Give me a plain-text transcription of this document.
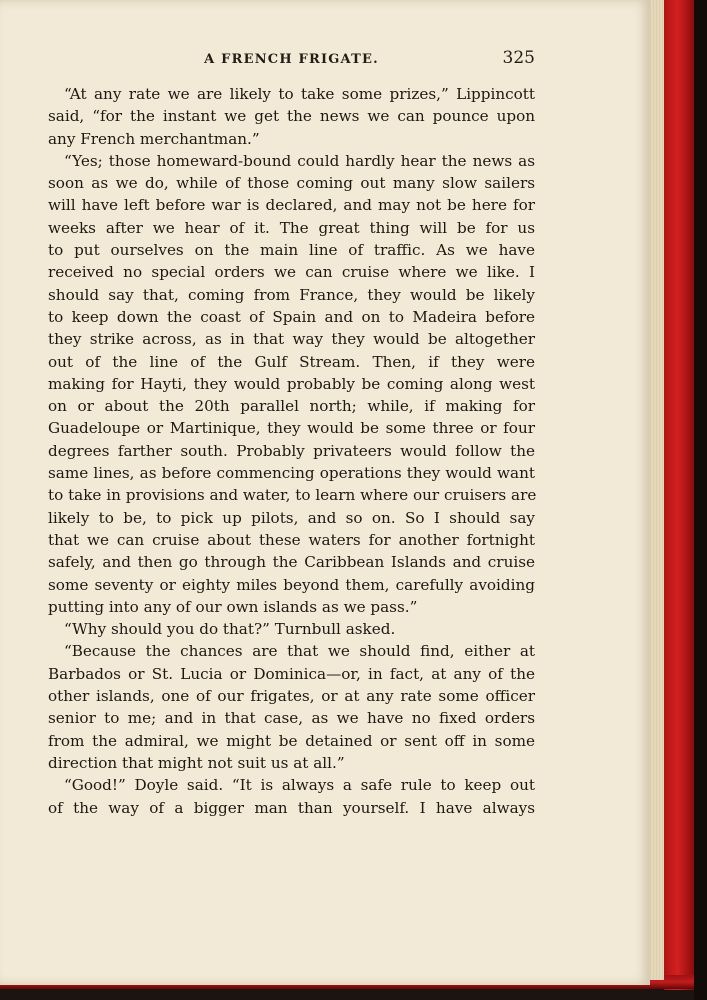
A FRENCH FRIGATE.	325
“At any rate we are likely to take some prizes,” Lippincott
said, “for the instant we get the news we can pounce upon
any French merchantman.”
“Yes; those homeward-bound could hardly hear the news as
soon as we do, while of those coming out many slow sailers
will have left before war is declared, and may not be here for
weeks after we hear of it. The great thing will be for us
to put ourselves on the main line of traffic. As we have
received no special orders we can cruise where we like. I
should say that, coming from France, they would be likely
to keep down the coast of Spain and on to Madeira before
they strike across, as in that way they would be altogether
out of the line of the Gulf Stream. Then, if they were
making for Hayti, they would probably be coming along west
on or about the 20th parallel north; while, if making for
Guadeloupe or Martinique, they would be some three or four
degrees farther south. Probably privateers would follow the
same lines, as before commencing operations they would want
to take in provisions and water, to learn where our cruisers are
likely to be, to pick up pilots, and so on. So I should say
that we can cruise about these waters for another fortnight
safely, and then go through the Caribbean Islands and cruise
some seventy or eighty miles beyond them, carefully avoiding
putting into any of our own islands as we pass.”
“Why should you do that?” Turnbull asked.
“Because the chances are that we should find, either at
Barbados or St. Lucia or Dominica—or, in fact, at any of the
other islands, one of our frigates, or at any rate some officer
senior to me; and in that case, as we have no fixed orders
from the admiral, we might be detained or sent off in some
direction that might not suit us at all.”
“Good!” Doyle said. “It is always a safe rule to keep out
of the way of a bigger man than yourself. I have always
